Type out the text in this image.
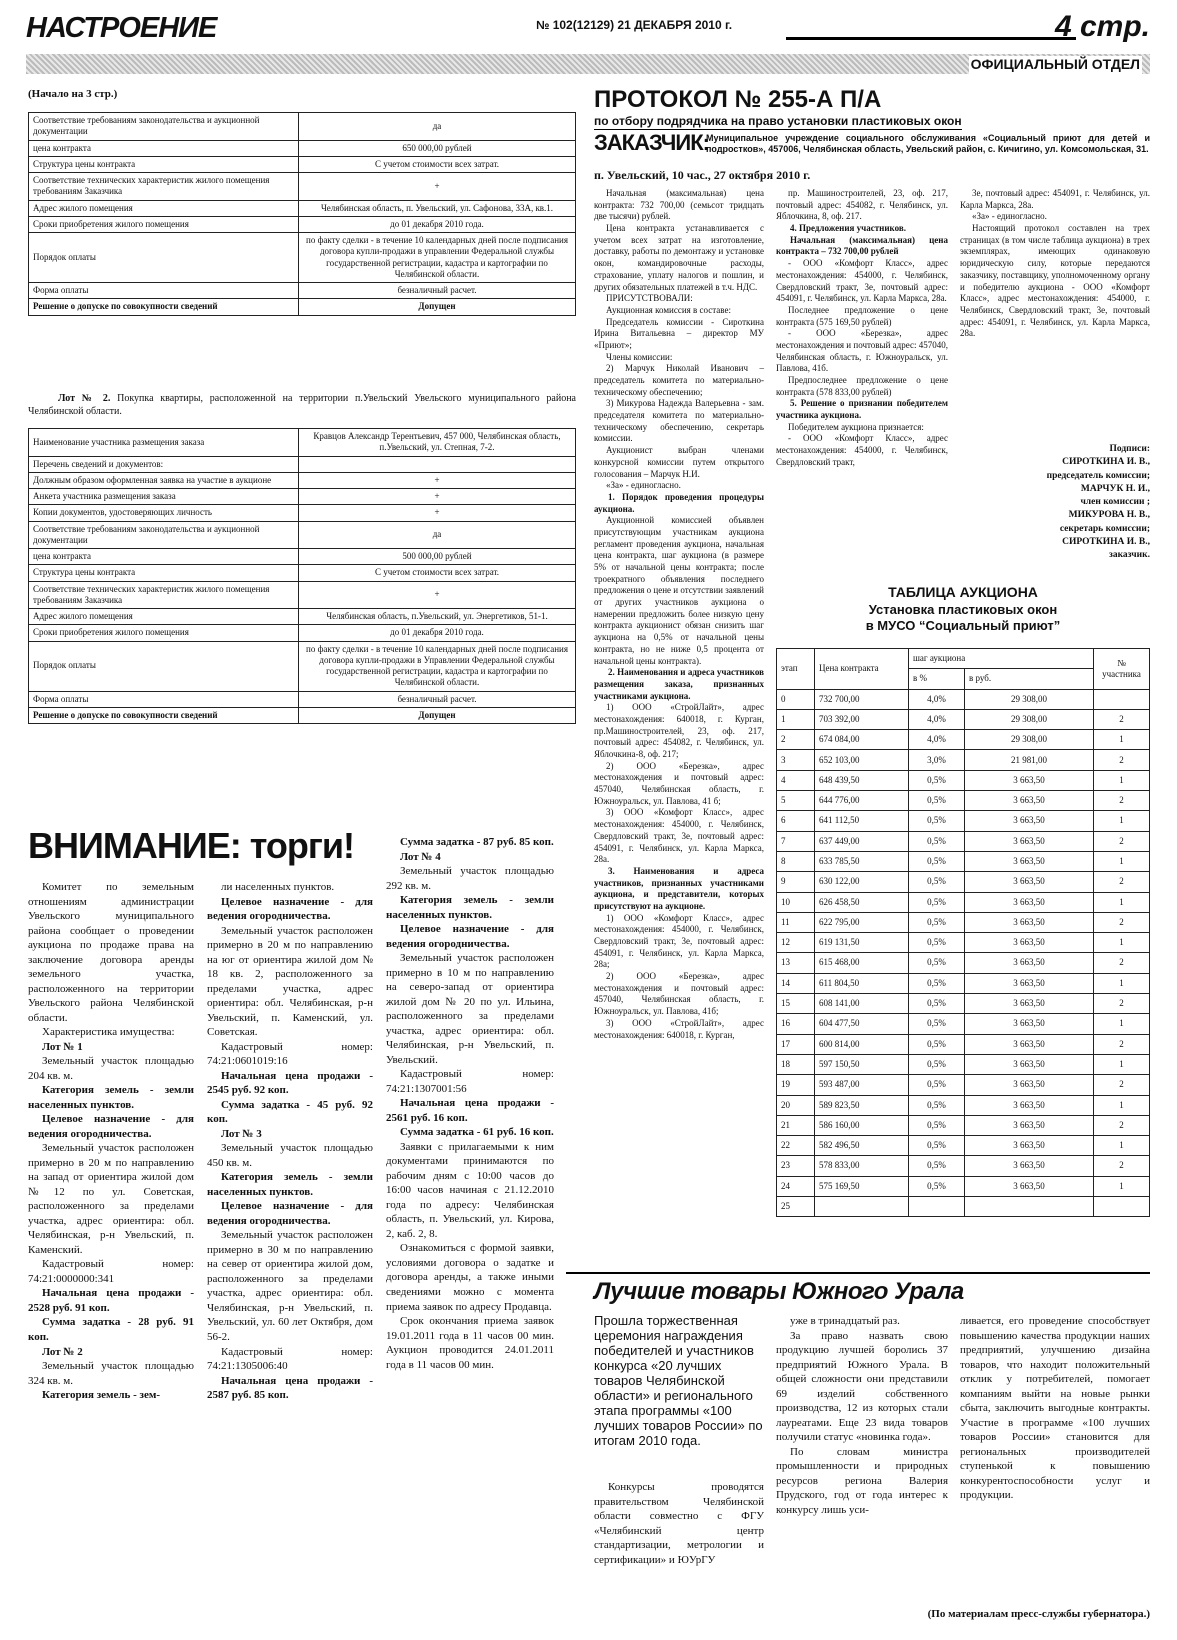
НАСТРОЕНИЕ	№ 102(12129) 21 ДЕКАБРЯ 2010 г.	4 стр.
ОФИЦИАЛЬНЫЙ ОТДЕЛ
(Начало на 3 стр.)
Соответствие требованиям законодательства и аукционной документации	да
цена контракта	650 000,00 рублей
Структура цены контракта	С учетом стоимости всех затрат.
Соответствие технических характеристик жилого помещения требованиям Заказчика	+
Адрес жилого помещения	Челябинская область, п. Увельский, ул. Сафонова, 33А, кв.1.
Сроки приобретения жилого помещения	до 01 декабря 2010 года.
Порядок оплаты	по факту сделки - в течение 10 календарных дней после подписания договора купли-продажи в управлении Федеральной службы государственной регистрации, кадастра и картографии по Челябинской области.
Форма оплаты	безналичный расчет.
Решение о допуске по совокупности сведений	Допущен
Лот № 2. Покупка квартиры, расположенной на территории п.Увельский Увельского муниципального района Челябинской области.
Наименование участника размещения заказа	Кравцов Александр Терентьевич, 457 000, Челябинская область, п.Увельский, ул. Степная, 7-2.
Перечень сведений и документов:	
Должным образом оформленная заявка на участие в аукционе	+
Анкета участника размещения заказа	+
Копии документов, удостоверяющих личность	+
Соответствие требованиям законодательства и аукционной документации	да
цена контракта	500 000,00 рублей
Структура цены контракта	С учетом стоимости всех затрат.
Соответствие технических характеристик жилого помещения требованиям Заказчика	+
Адрес жилого помещения	Челябинская область, п.Увельский, ул. Энергетиков, 51-1.
Сроки приобретения жилого помещения	до 01 декабря 2010 года.
Порядок оплаты	по факту сделки - в течение 10 календарных дней после подписания договора купли-продажи в Управлении Федеральной службы государственной регистрации, кадастра и картографии по Челябинской области.
Форма оплаты	безналичный расчет.
Решение о допуске по совокупности сведений	Допущен
ВНИМАНИЕ: торги!

Комитет по земельным отношениям администрации Увельского муниципального района сообщает о проведении аукциона по продаже права на заключение договора аренды земельного участка, расположенного на территории Увельского района Челябинской области.

Характеристика имущества:

Лот № 1

Земельный участок площадью 204 кв. м.

Категория земель - земли населенных пунктов.

Целевое назначение - для ведения огородничества.

Земельный участок расположен примерно в 20 м по направлению на запад от ориентира жилой дом №12 по ул. Советская, расположенного за пределами участка, адрес ориентира: обл. Челябинская, р-н Увельский, п. Каменский.

Кадастровый номер: 74:21:0000000:341

Начальная цена продажи - 2528 руб. 91 коп.

Сумма задатка - 28 руб. 91 коп.

Лот № 2

Земельный участок площадью 324 кв. м.

Категория земель - зем-

ли населенных пунктов.

Целевое назначение - для ведения огородничества.

Земельный участок расположен примерно в 20 м по направлению на юг от ориентира жилой дом № 18 кв. 2, расположенного за пределами участка, адрес ориентира: обл. Челябинская, р-н Увельский, п. Каменский, ул. Советская.

Кадастровый номер: 74:21:0601019:16

Начальная цена продажи - 2545 руб. 92 коп.

Сумма задатка - 45 руб. 92 коп.

Лот № 3

Земельный участок площадью 450 кв. м.

Категория земель - земли населенных пунктов.

Целевое назначение - для ведения огородничества.

Земельный участок расположен примерно в 30 м по направлению на север от ориентира жилой дом, расположенного за пределами участка, адрес ориентира: обл. Челябинская, р-н Увельский, п. Увельский, ул. 60 лет Октября, дом 56-2.

Кадастровый номер: 74:21:1305006:40

Начальная цена продажи - 2587 руб. 85 коп.

Сумма задатка - 87 руб. 85 коп.

Лот № 4

Земельный участок площадью 292 кв. м.

Категория земель - земли населенных пунктов.

Целевое назначение - для ведения огородничества.

Земельный участок расположен примерно в 10 м по направлению на северо-запад от ориентира жилой дом № 20 по ул. Ильина, расположенного за пределами участка, адрес ориентира: обл. Челябинская, р-н Увельский, п. Увельский.

Кадастровый номер: 74:21:1307001:56

Начальная цена продажи - 2561 руб. 16 коп.

Сумма задатка - 61 руб. 16 коп.

Заявки с прилагаемыми к ним документами принимаются по рабочим дням с 10:00 часов до 16:00 часов начиная с 21.12.2010 года по адресу: Челябинская область, п. Увельский, ул. Кирова, 2, каб. 2, 8.

Ознакомиться с формой заявки, условиями договора о задатке и договора аренды, а также иными сведениями можно с момента приема заявок по адресу Продавца.

Срок окончания приема заявок 19.01.2011 года в 11 часов 00 мин. Аукцион проводится 24.01.2011 года в 11 часов 00 мин.

ПРОТОКОЛ № 255-А П/А
по отбору подрядчика на право установки пластиковых окон
ЗАКАЗЧИК:
Муниципальное учреждение социального обслуживания «Социальный приют для детей и подростков», 457006, Челябинская область, Увельский район, с. Кичигино, ул. Комсомольская, 31.
п. Увельский, 10 час., 27 октября 2010 г.

Начальная (максимальная) цена контракта: 732 700,00 (семьсот тридцать две тысячи) рублей.

Цена контракта устанавливается с учетом всех затрат на изготовление, доставку, работы по демонтажу и установке окон, командировочные расходы, страхование, уплату налогов и пошлин, и других обязательных платежей в т.ч. НДС.

ПРИСУТСТВОВАЛИ:

Аукционная комиссия в составе:

Председатель комиссии - Сироткина Ирина Витальевна – директор МУ «Приют»;

Члены комиссии:

2) Марчук Николай Иванович – председатель комитета по материально-техническому обеспечению;

3) Микурова Надежда Валерьевна - зам. председателя комитета по материально-техническому обеспечению, секретарь комиссии.

Аукционист выбран членами конкурсной комиссии путем открытого голосования – Марчук Н.И.

«За» - единогласно.

1. Порядок проведения процедуры аукциона.

Аукционной комиссией объявлен присутствующим участникам аукциона регламент проведения аукциона, начальная цена контракта, шаг аукциона (в размере 5% от начальной цены контракта; после троекратного объявления последнего предложения о цене и отсутствии заявлений от других участников аукциона о намерении предложить более низкую цену контракта аукционист обязан снизить шаг аукциона на 0,5% от начальной цены контракта, но не ниже 0,5 процента от начальной цены контракта).

2. Наименования и адреса участников размещения заказа, признанных участниками аукциона.

1) ООО «СтройЛайт», адрес местонахождения: 640018, г. Курган, пр.Машиностроителей, 23, оф. 217, почтовый адрес: 454082, г. Челябинск, ул. Яблочкина-8, оф. 217;

2) ООО «Березка», адрес местонахождения и почтовый адрес: 457040, Челябинская область, г. Южноуральск, ул. Павлова, 41 б;

3) ООО «Комфорт Класс», адрес местонахождения: 454000, г. Челябинск, Свердловский тракт, 3е, почтовый адрес: 454091, г. Челябинск, ул. Карла Маркса, 28а.

3. Наименования и адреса участников, признанных участниками аукциона, и представители, которых присутствуют на аукционе.

1) ООО «Комфорт Класс», адрес местонахождения: 454000, г. Челябинск, Свердловский тракт, 3е, почтовый адрес: 454091, г. Челябинск, ул. Карла Маркса, 28а;

2) ООО «Березка», адрес местонахождения и почтовый адрес: 457040, Челябинская область, г. Южноуральск, ул. Павлова, 41б;

3) ООО «СтройЛайт», адрес местонахождения: 640018, г. Курган,

пр. Машиностроителей, 23, оф. 217, почтовый адрес: 454082, г. Челябинск, ул. Яблочкина, 8, оф. 217.

4. Предложения участников.

Начальная (максимальная) цена контракта – 732 700,00 рублей

- ООО «Комфорт Класс», адрес местонахождения: 454000, г. Челябинск, Свердловский тракт, 3е, почтовый адрес: 454091, г. Челябинск, ул. Карла Маркса, 28а.

Последнее предложение о цене контракта (575 169,50 рублей)

- ООО «Березка», адрес местонахождения и почтовый адрес: 457040, Челябинская область, г. Южноуральск, ул. Павлова, 41б.

Предпоследнее предложение о цене контракта (578 833,00 рублей)

5. Решение о признании победителем участника аукциона.

Победителем аукциона признается:

- ООО «Комфорт Класс», адрес местонахождения: 454000, г. Челябинск, Свердловский тракт,

3е, почтовый адрес: 454091, г. Челябинск, ул. Карла Маркса, 28а.

«За» - единогласно.

Настоящий протокол составлен на трех страницах (в том числе таблица аукциона) в трех экземплярах, имеющих одинаковую юридическую силу, которые передаются заказчику, поставщику, уполномоченному органу и победителю аукциона - ООО «Комфорт Класс», адрес местонахождения: 454000, г. Челябинск, Свердловский тракт, 3е, почтовый адрес: 454091, г. Челябинск, ул. Карла Маркса, 28а.

Подписи:
СИРОТКИНА И. В.,
председатель комиссии;
МАРЧУК Н. И.,
член комиссии ;
МИКУРОВА Н. В.,
секретарь комиссии;
СИРОТКИНА И. В.,
заказчик.
ТАБЛИЦА АУКЦИОНА
Установка пластиковых окон
в МУСО “Социальный приют”
этап	Цена контракта	шаг аукциона		№ участника
		в %	в руб.	
0	732 700,00	4,0%	29 308,00	
1	703 392,00	4,0%	29 308,00	2
2	674 084,00	4,0%	29 308,00	1
3	652 103,00	3,0%	21 981,00	2
4	648 439,50	0,5%	3 663,50	1
5	644 776,00	0,5%	3 663,50	2
6	641 112,50	0,5%	3 663,50	1
7	637 449,00	0,5%	3 663,50	2
8	633 785,50	0,5%	3 663,50	1
9	630 122,00	0,5%	3 663,50	2
10	626 458,50	0,5%	3 663,50	1
11	622 795,00	0,5%	3 663,50	2
12	619 131,50	0,5%	3 663,50	1
13	615 468,00	0,5%	3 663,50	2
14	611 804,50	0,5%	3 663,50	1
15	608 141,00	0,5%	3 663,50	2
16	604 477,50	0,5%	3 663,50	1
17	600 814,00	0,5%	3 663,50	2
18	597 150,50	0,5%	3 663,50	1
19	593 487,00	0,5%	3 663,50	2
20	589 823,50	0,5%	3 663,50	1
21	586 160,00	0,5%	3 663,50	2
22	582 496,50	0,5%	3 663,50	1
23	578 833,00	0,5%	3 663,50	2
24	575 169,50	0,5%	3 663,50	1
25				
Лучшие товары Южного Урала
Прошла торжественная церемония награждения победителей и участников конкурса «20 лучших товаров Челябинской области» и регионального этапа программы «100 лучших товаров России» по итогам 2010 года.
Конкурсы проводятся правительством Челябинской области совместно с ФГУ «Челябинский центр стандартизации, метрологии и сертификации» и ЮУрГУ

уже в тринадцатый раз.

За право назвать свою продукцию лучшей боролись 37 предприятий Южного Урала. В общей сложности они представили 69 изделий собственного производства, 12 из которых стали лауреатами. Еще 23 вида товаров получили статус «новинка года».

По словам министра промышленности и природных ресурсов региона Валерия Прудского, год от года интерес к конкурсу лишь уси-

ливается, его проведение способствует повышению качества продукции наших предприятий, улучшению дизайна товаров, что находит положительный отклик у потребителей, помогает компаниям выйти на новые рынки сбыта, заключить выгодные контракты. Участие в программе «100 лучших товаров России» становится для региональных производителей ступенькой к повышению конкурентоспособности услуг и продукции.
(По материалам пресс-службы губернатора.)
